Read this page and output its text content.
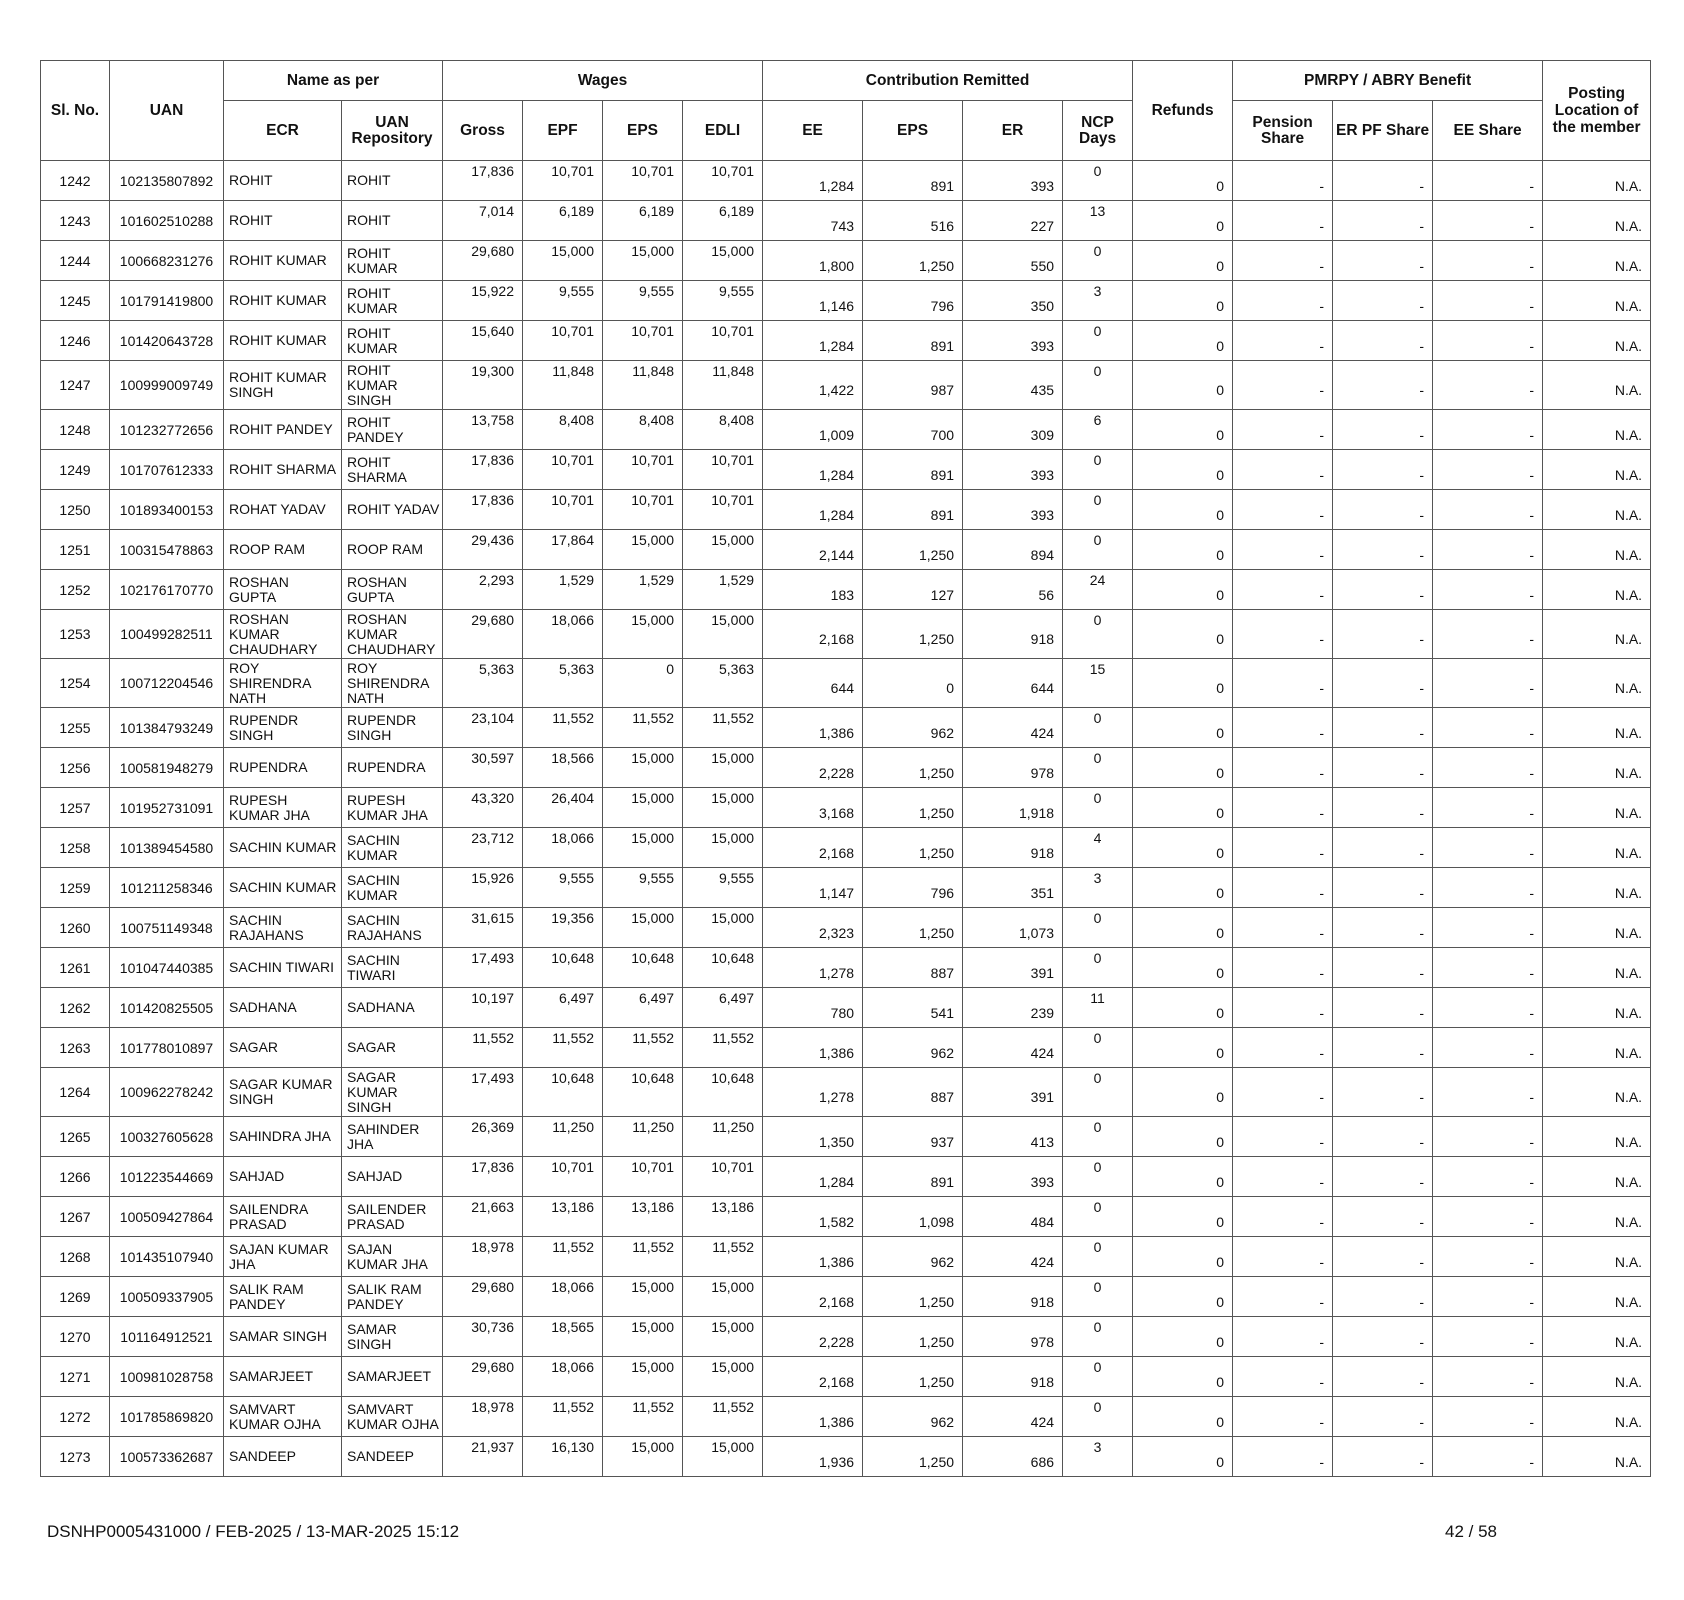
Sl. No.	UAN	Name as per		Wages				Contribution Remitted				Refunds	PMRPY / ABRY Benefit			Posting Location of the member
		ECR	UAN Repository	Gross	EPF	EPS	EDLI	EE	EPS	ER	NCP Days		Pension Share	ER PF Share	EE Share	
1242	102135807892	ROHIT	ROHIT	17,836	10,701	10,701	10,701	1,284	891	393	0	0	-	-	-	N.A.
1243	101602510288	ROHIT	ROHIT	7,014	6,189	6,189	6,189	743	516	227	13	0	-	-	-	N.A.
1244	100668231276	ROHIT KUMAR	ROHIT KUMAR	29,680	15,000	15,000	15,000	1,800	1,250	550	0	0	-	-	-	N.A.
1245	101791419800	ROHIT KUMAR	ROHIT KUMAR	15,922	9,555	9,555	9,555	1,146	796	350	3	0	-	-	-	N.A.
1246	101420643728	ROHIT KUMAR	ROHIT KUMAR	15,640	10,701	10,701	10,701	1,284	891	393	0	0	-	-	-	N.A.
1247	100999009749	ROHIT KUMAR SINGH	ROHIT KUMAR SINGH	19,300	11,848	11,848	11,848	1,422	987	435	0	0	-	-	-	N.A.
1248	101232772656	ROHIT PANDEY	ROHIT PANDEY	13,758	8,408	8,408	8,408	1,009	700	309	6	0	-	-	-	N.A.
1249	101707612333	ROHIT SHARMA	ROHIT SHARMA	17,836	10,701	10,701	10,701	1,284	891	393	0	0	-	-	-	N.A.
1250	101893400153	ROHAT YADAV	ROHIT YADAV	17,836	10,701	10,701	10,701	1,284	891	393	0	0	-	-	-	N.A.
1251	100315478863	ROOP RAM	ROOP RAM	29,436	17,864	15,000	15,000	2,144	1,250	894	0	0	-	-	-	N.A.
1252	102176170770	ROSHAN GUPTA	ROSHAN GUPTA	2,293	1,529	1,529	1,529	183	127	56	24	0	-	-	-	N.A.
1253	100499282511	ROSHAN KUMAR CHAUDHARY	ROSHAN KUMAR CHAUDHARY	29,680	18,066	15,000	15,000	2,168	1,250	918	0	0	-	-	-	N.A.
1254	100712204546	ROY SHIRENDRA NATH	ROY SHIRENDRA NATH	5,363	5,363	0	5,363	644	0	644	15	0	-	-	-	N.A.
1255	101384793249	RUPENDR SINGH	RUPENDR SINGH	23,104	11,552	11,552	11,552	1,386	962	424	0	0	-	-	-	N.A.
1256	100581948279	RUPENDRA	RUPENDRA	30,597	18,566	15,000	15,000	2,228	1,250	978	0	0	-	-	-	N.A.
1257	101952731091	RUPESH KUMAR JHA	RUPESH KUMAR JHA	43,320	26,404	15,000	15,000	3,168	1,250	1,918	0	0	-	-	-	N.A.
1258	101389454580	SACHIN KUMAR	SACHIN KUMAR	23,712	18,066	15,000	15,000	2,168	1,250	918	4	0	-	-	-	N.A.
1259	101211258346	SACHIN KUMAR	SACHIN KUMAR	15,926	9,555	9,555	9,555	1,147	796	351	3	0	-	-	-	N.A.
1260	100751149348	SACHIN RAJAHANS	SACHIN RAJAHANS	31,615	19,356	15,000	15,000	2,323	1,250	1,073	0	0	-	-	-	N.A.
1261	101047440385	SACHIN TIWARI	SACHIN TIWARI	17,493	10,648	10,648	10,648	1,278	887	391	0	0	-	-	-	N.A.
1262	101420825505	SADHANA	SADHANA	10,197	6,497	6,497	6,497	780	541	239	11	0	-	-	-	N.A.
1263	101778010897	SAGAR	SAGAR	11,552	11,552	11,552	11,552	1,386	962	424	0	0	-	-	-	N.A.
1264	100962278242	SAGAR KUMAR SINGH	SAGAR KUMAR SINGH	17,493	10,648	10,648	10,648	1,278	887	391	0	0	-	-	-	N.A.
1265	100327605628	SAHINDRA JHA	SAHINDER JHA	26,369	11,250	11,250	11,250	1,350	937	413	0	0	-	-	-	N.A.
1266	101223544669	SAHJAD	SAHJAD	17,836	10,701	10,701	10,701	1,284	891	393	0	0	-	-	-	N.A.
1267	100509427864	SAILENDRA PRASAD	SAILENDER PRASAD	21,663	13,186	13,186	13,186	1,582	1,098	484	0	0	-	-	-	N.A.
1268	101435107940	SAJAN KUMAR JHA	SAJAN KUMAR JHA	18,978	11,552	11,552	11,552	1,386	962	424	0	0	-	-	-	N.A.
1269	100509337905	SALIK RAM PANDEY	SALIK RAM PANDEY	29,680	18,066	15,000	15,000	2,168	1,250	918	0	0	-	-	-	N.A.
1270	101164912521	SAMAR SINGH	SAMAR SINGH	30,736	18,565	15,000	15,000	2,228	1,250	978	0	0	-	-	-	N.A.
1271	100981028758	SAMARJEET	SAMARJEET	29,680	18,066	15,000	15,000	2,168	1,250	918	0	0	-	-	-	N.A.
1272	101785869820	SAMVART KUMAR OJHA	SAMVART KUMAR OJHA	18,978	11,552	11,552	11,552	1,386	962	424	0	0	-	-	-	N.A.
1273	100573362687	SANDEEP	SANDEEP	21,937	16,130	15,000	15,000	1,936	1,250	686	3	0	-	-	-	N.A.
DSNHP0005431000 / FEB-2025 / 13-MAR-2025 15:12	42 / 58
